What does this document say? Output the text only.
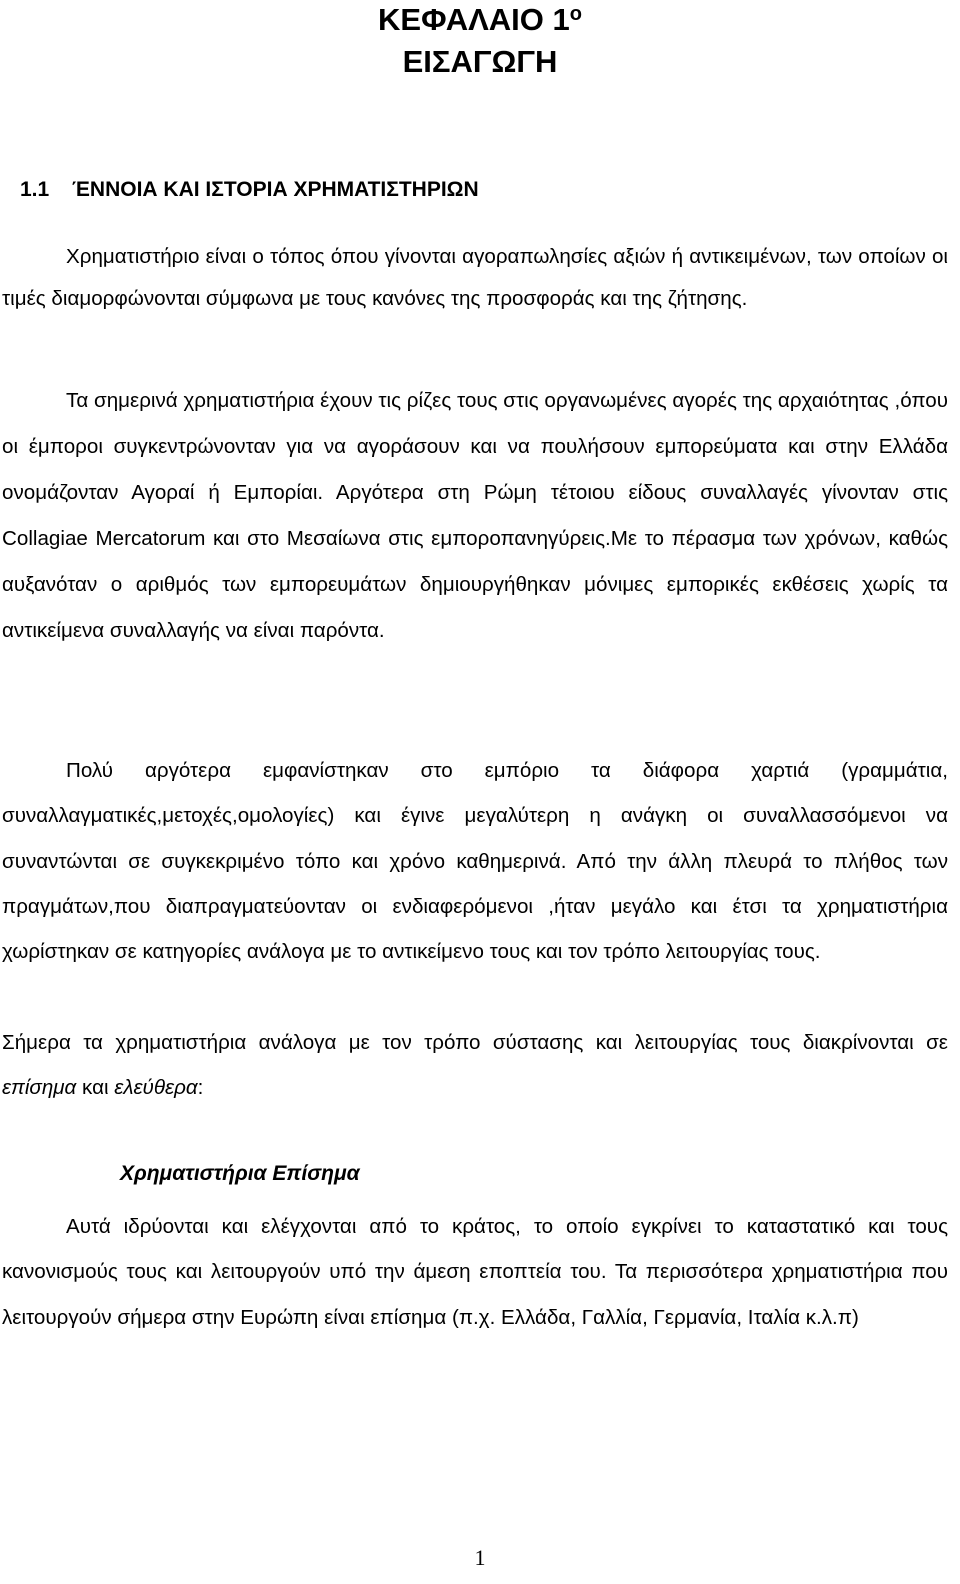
ΚΕΦΑΛΑΙΟ $1^o$
ΕΙΣΑΓΩΓΗ
1.1 ΈΝΝΟΙΑ ΚΑΙ ΙΣΤΟΡΙΑ ΧΡΗΜΑΤΙΣΤΗΡΙΩΝ

Χρηματιστήριο είναι ο τόπος όπου γίνονται αγοραπωλησίες αξιών ή αντικειμένων, των οποίων οι τιμές διαμορφώνονται σύμφωνα με τους κανόνες της προσφοράς και της ζήτησης.

Τα σημερινά χρηματιστήρια έχουν τις ρίζες τους στις οργανωμένες αγορές της αρχαιότητας ,όπου οι έμποροι συγκεντρώνονταν για να αγοράσουν και να πουλήσουν εμπορεύματα και στην Ελλάδα ονομάζονταν Αγοραί ή Εμπορίαι. Αργότερα στη Ρώμη τέτοιου είδους συναλλαγές γίνονταν στις Collagiae Mercatorum και στο Μεσαίωνα στις εμποροπανηγύρεις.Με το πέρασμα των χρόνων, καθώς αυξανόταν ο αριθμός των εμπορευμάτων δημιουργήθηκαν μόνιμες εμπορικές εκθέσεις χωρίς τα αντικείμενα συναλλαγής να είναι παρόντα.

Πολύ αργότερα εμφανίστηκαν στο εμπόριο τα διάφορα χαρτιά (γραμμάτια, συναλλαγματικές,μετοχές,ομολογίες) και έγινε μεγαλύτερη η ανάγκη οι συναλλασσόμενοι να συναντώνται σε συγκεκριμένο τόπο και χρόνο καθημερινά. Από την άλλη πλευρά το πλήθος των πραγμάτων,που διαπραγματεύονταν οι ενδιαφερόμενοι ,ήταν μεγάλο και έτσι τα χρηματιστήρια χωρίστηκαν σε κατηγορίες ανάλογα με το αντικείμενο τους και τον τρόπο λειτουργίας τους.

Σήμερα τα χρηματιστήρια ανάλογα με τον τρόπο σύστασης και λειτουργίας τους διακρίνονται σε επίσημα και ελεύθερα:

Χρηματιστήρια Επίσημα

Αυτά ιδρύονται και ελέγχονται από το κράτος, το οποίο εγκρίνει το καταστατικό και τους κανονισμούς τους και λειτουργούν υπό την άμεση εποπτεία του. Τα περισσότερα χρηματιστήρια που λειτουργούν σήμερα στην Ευρώπη είναι επίσημα (π.χ. Ελλάδα, Γαλλία, Γερμανία, Ιταλία κ.λ.π)

1
